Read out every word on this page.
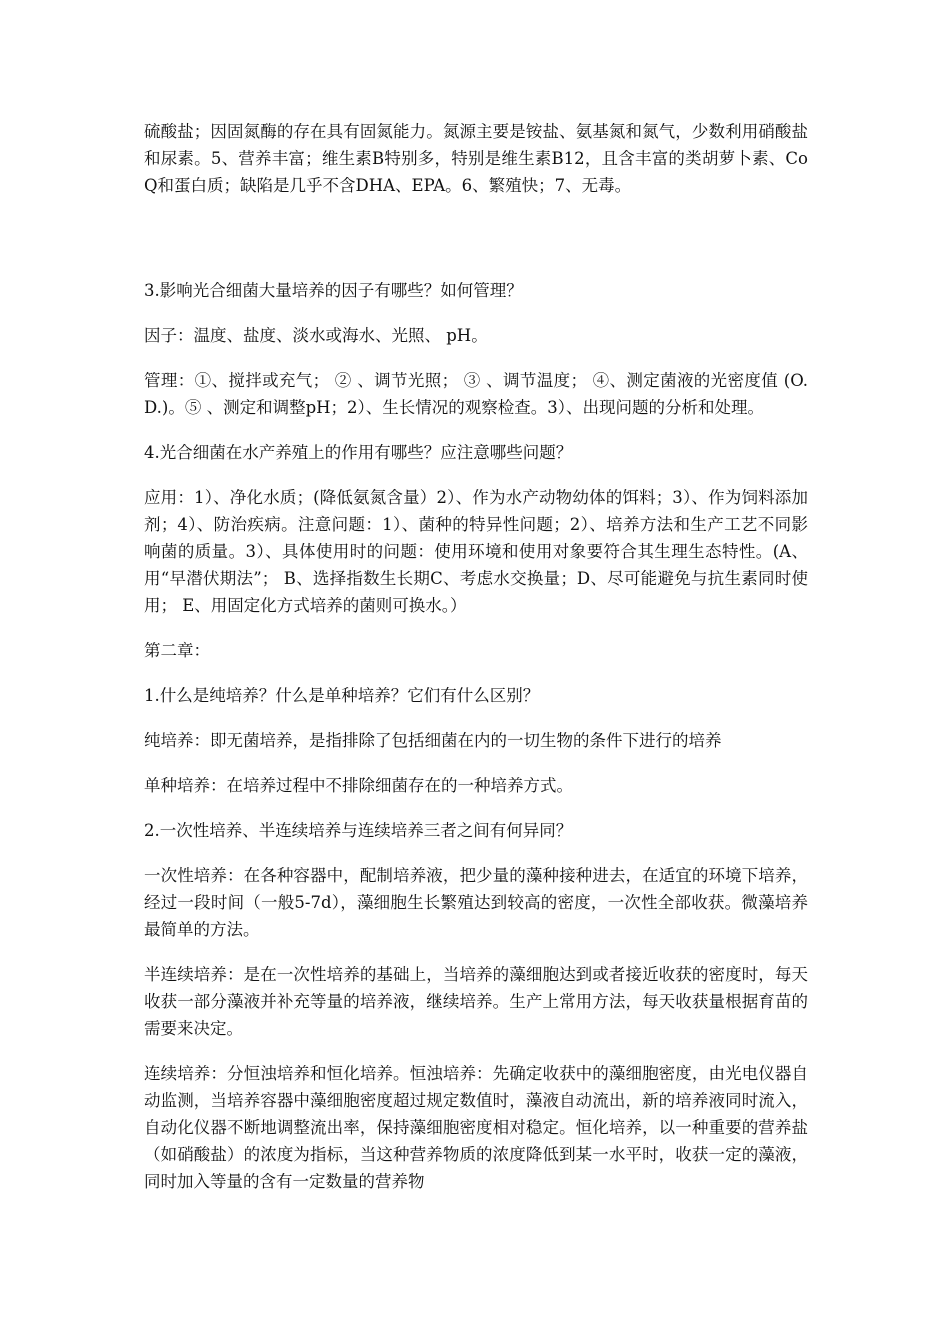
硫酸盐；因固氮酶的存在具有固氮能力。氮源主要是铵盐、氨基氮和氮气，少数利用硝酸盐和尿素。5、营养丰富；维生素B特别多，特别是维生素B12，且含丰富的类胡萝卜素、Co Q和蛋白质；缺陷是几乎不含DHA、EPA。6、繁殖快；7、无毒。

3.影响光合细菌大量培养的因子有哪些？如何管理？

因子：温度、盐度、淡水或海水、光照、 pH。

管理：①、搅拌或充气； ② 、调节光照； ③ 、调节温度； ④、测定菌液的光密度值 (O.D.)。⑤ 、测定和调整pH；2）、生长情况的观察检查。3）、出现问题的分析和处理。

4.光合细菌在水产养殖上的作用有哪些？应注意哪些问题？

应用：1）、净化水质；(降低氨氮含量）2）、作为水产动物幼体的饵料；3）、作为饲料添加剂；4）、防治疾病。注意问题：1）、菌种的特异性问题；2）、培养方法和生产工艺不同影响菌的质量。3）、具体使用时的问题：使用环境和使用对象要符合其生理生态特性。(A、用“早潜伏期法”； B、选择指数生长期C、考虑水交换量；D、尽可能避免与抗生素同时使用； E、用固定化方式培养的菌则可换水。）

第二章：

1.什么是纯培养？什么是单种培养？它们有什么区别？

纯培养：即无菌培养，是指排除了包括细菌在内的一切生物的条件下进行的培养

单种培养：在培养过程中不排除细菌存在的一种培养方式。

2.一次性培养、半连续培养与连续培养三者之间有何异同？

一次性培养：在各种容器中，配制培养液，把少量的藻种接种进去，在适宜的环境下培养，经过一段时间（一般5-7d），藻细胞生长繁殖达到较高的密度，一次性全部收获。微藻培养最简单的方法。

半连续培养：是在一次性培养的基础上，当培养的藻细胞达到或者接近收获的密度时，每天收获一部分藻液并补充等量的培养液，继续培养。生产上常用方法，每天收获量根据育苗的需要来决定。

连续培养：分恒浊培养和恒化培养。恒浊培养：先确定收获中的藻细胞密度，由光电仪器自动监测，当培养容器中藻细胞密度超过规定数值时，藻液自动流出，新的培养液同时流入，自动化仪器不断地调整流出率，保持藻细胞密度相对稳定。恒化培养，以一种重要的营养盐（如硝酸盐）的浓度为指标，当这种营养物质的浓度降低到某一水平时，收获一定的藻液，同时加入等量的含有一定数量的营养物
